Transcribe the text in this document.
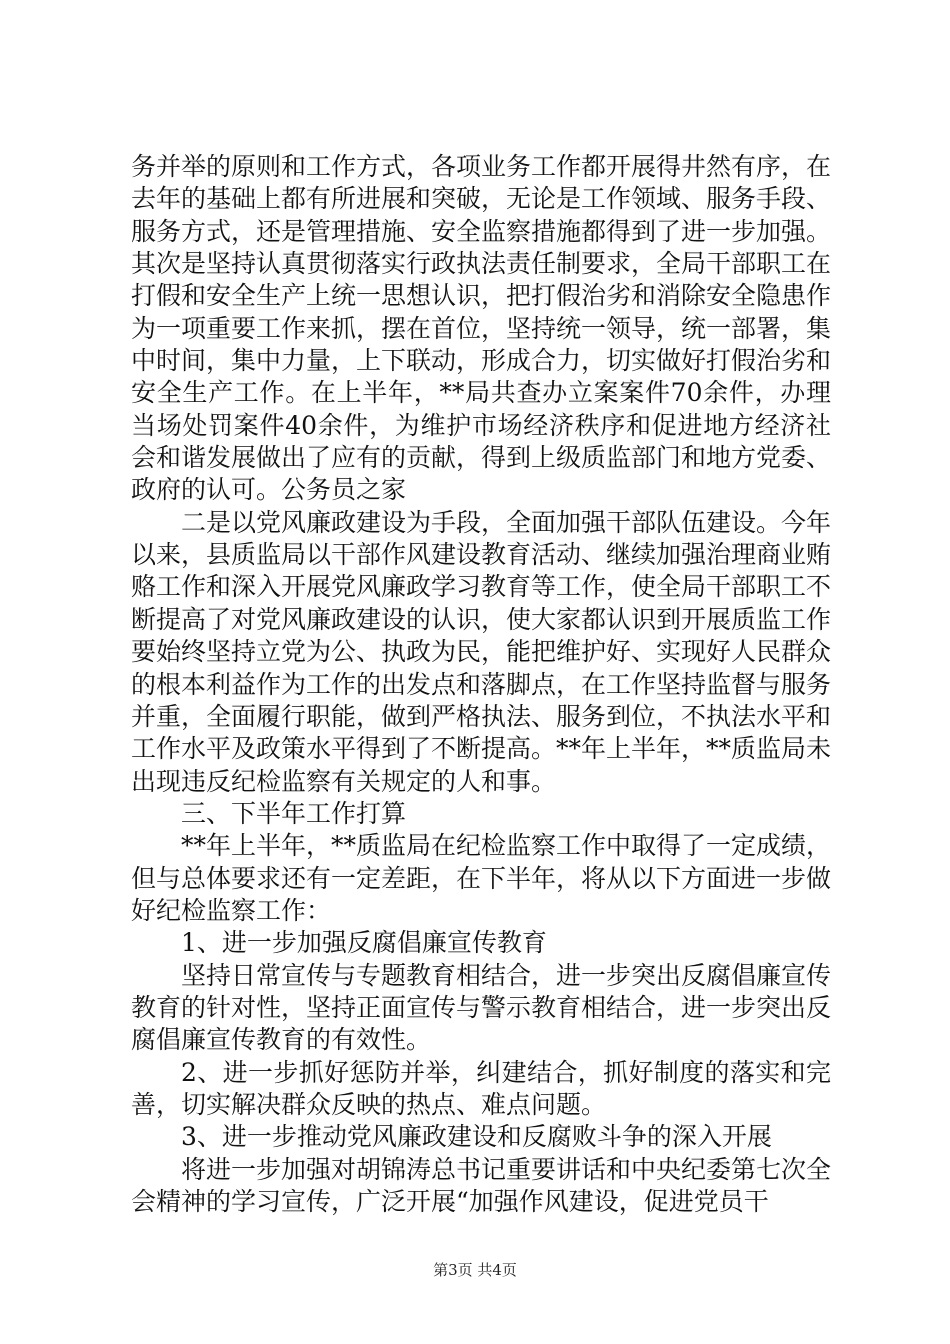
务并举的原则和工作方式，各项业务工作都开展得井然有序，在去年的基础上都有所进展和突破，无论是工作领域、服务手段、服务方式，还是管理措施、安全监察措施都得到了进一步加强。其次是坚持认真贯彻落实行政执法责任制要求，全局干部职工在打假和安全生产上统一思想认识，把打假治劣和消除安全隐患作为一项重要工作来抓，摆在首位，坚持统一领导，统一部署，集中时间，集中力量，上下联动，形成合力，切实做好打假治劣和安全生产工作。在上半年，**局共查办立案案件70余件，办理当场处罚案件40余件，为维护市场经济秩序和促进地方经济社会和谐发展做出了应有的贡献，得到上级质监部门和地方党委、政府的认可。公务员之家

二是以党风廉政建设为手段，全面加强干部队伍建设。今年以来，县质监局以干部作风建设教育活动、继续加强治理商业贿赂工作和深入开展党风廉政学习教育等工作，使全局干部职工不断提高了对党风廉政建设的认识，使大家都认识到开展质监工作要始终坚持立党为公、执政为民，能把维护好、实现好人民群众的根本利益作为工作的出发点和落脚点，在工作坚持监督与服务并重，全面履行职能，做到严格执法、服务到位，不执法水平和工作水平及政策水平得到了不断提高。**年上半年，**质监局未出现违反纪检监察有关规定的人和事。

三、下半年工作打算

**年上半年，**质监局在纪检监察工作中取得了一定成绩，但与总体要求还有一定差距，在下半年，将从以下方面进一步做好纪检监察工作：

1、进一步加强反腐倡廉宣传教育

坚持日常宣传与专题教育相结合，进一步突出反腐倡廉宣传教育的针对性，坚持正面宣传与警示教育相结合，进一步突出反腐倡廉宣传教育的有效性。

2、进一步抓好惩防并举，纠建结合，抓好制度的落实和完善，切实解决群众反映的热点、难点问题。

3、进一步推动党风廉政建设和反腐败斗争的深入开展

将进一步加强对胡锦涛总书记重要讲话和中央纪委第七次全会精神的学习宣传，广泛开展“加强作风建设，促进党员干

第3页 共4页
